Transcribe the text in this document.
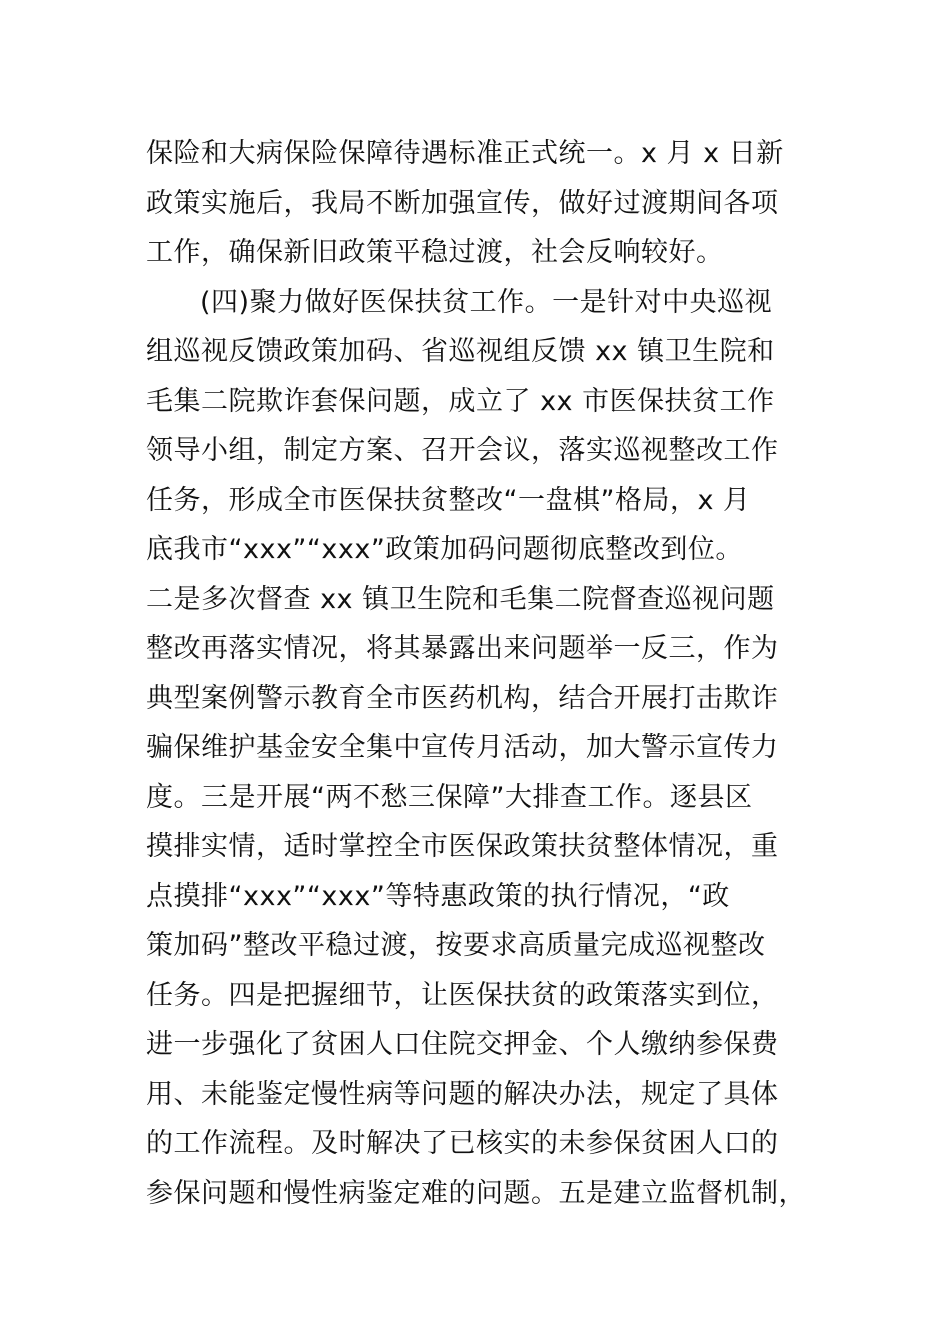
保险和大病保险保障待遇标准正式统一。x 月 x 日新
政策实施后，我局不断加强宣传，做好过渡期间各项
工作，确保新旧政策平稳过渡，社会反响较好。
(四)聚力做好医保扶贫工作。一是针对中央巡视
组巡视反馈政策加码、省巡视组反馈 xx 镇卫生院和
毛集二院欺诈套保问题，成立了 xx 市医保扶贫工作
领导小组，制定方案、召开会议，落实巡视整改工作
任务，形成全市医保扶贫整改“一盘棋”格局，x 月
底我市“xxx”“xxx”政策加码问题彻底整改到位。
二是多次督查 xx 镇卫生院和毛集二院督查巡视问题
整改再落实情况，将其暴露出来问题举一反三，作为
典型案例警示教育全市医药机构，结合开展打击欺诈
骗保维护基金安全集中宣传月活动，加大警示宣传力
度。三是开展“两不愁三保障”大排查工作。逐县区
摸排实情，适时掌控全市医保政策扶贫整体情况，重
点摸排“xxx”“xxx”等特惠政策的执行情况，“政
策加码”整改平稳过渡，按要求高质量完成巡视整改
任务。四是把握细节，让医保扶贫的政策落实到位，
进一步强化了贫困人口住院交押金、个人缴纳参保费
用、未能鉴定慢性病等问题的解决办法，规定了具体
的工作流程。及时解决了已核实的未参保贫困人口的
参保问题和慢性病鉴定难的问题。五是建立监督机制，
